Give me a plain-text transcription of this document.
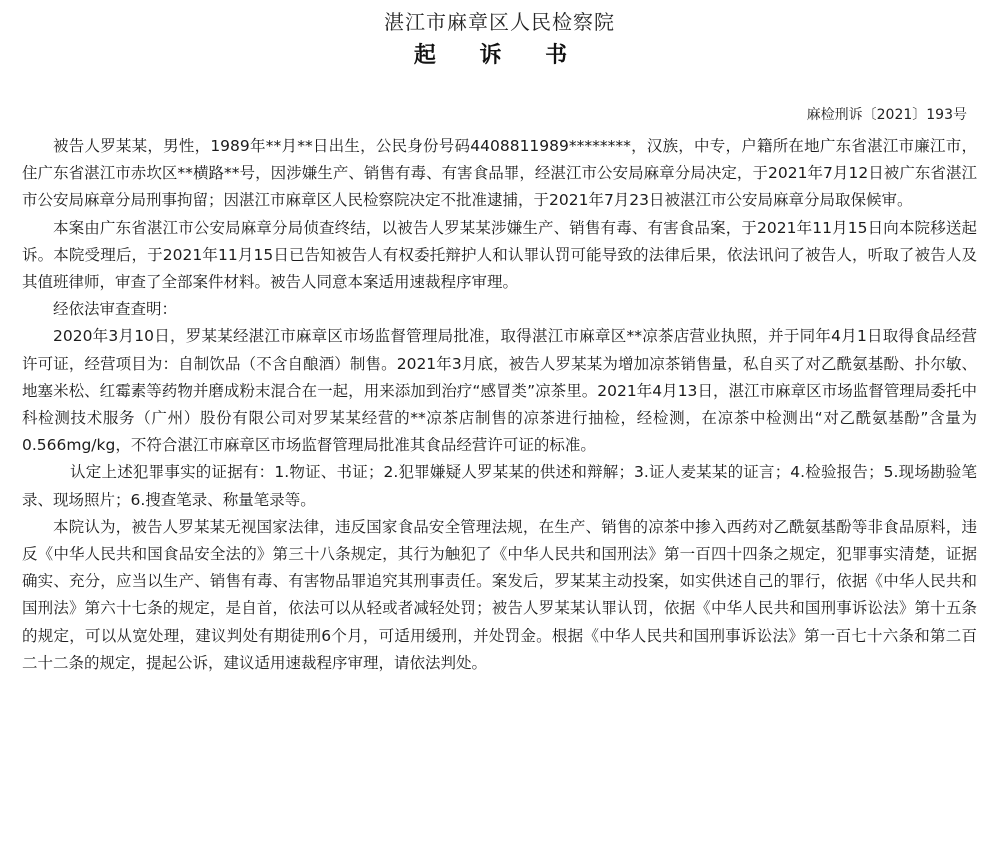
湛江市麻章区人民检察院
起 诉 书
麻检刑诉〔2021〕193号

被告人罗某某，男性，1989年**月**日出生，公民身份号码4408811989********，汉族，中专，户籍所在地广东省湛江市廉江市，住广东省湛江市赤坎区**横路**号，因涉嫌生产、销售有毒、有害食品罪，经湛江市公安局麻章分局决定，于2021年7月12日被广东省湛江市公安局麻章分局刑事拘留；因湛江市麻章区人民检察院决定不批准逮捕，于2021年7月23日被湛江市公安局麻章分局取保候审。

本案由广东省湛江市公安局麻章分局侦查终结，以被告人罗某某涉嫌生产、销售有毒、有害食品案，于2021年11月15日向本院移送起诉。本院受理后，于2021年11月15日已告知被告人有权委托辩护人和认罪认罚可能导致的法律后果，依法讯问了被告人，听取了被告人及其值班律师，审查了全部案件材料。被告人同意本案适用速裁程序审理。

经依法审查查明：

2020年3月10日，罗某某经湛江市麻章区市场监督管理局批准，取得湛江市麻章区**凉茶店营业执照，并于同年4月1日取得食品经营许可证，经营项目为：自制饮品（不含自酿酒）制售。2021年3月底，被告人罗某某为增加凉茶销售量，私自买了对乙酰氨基酚、扑尔敏、地塞米松、红霉素等药物并磨成粉末混合在一起，用来添加到治疗“感冒类”凉茶里。2021年4月13日，湛江市麻章区市场监督管理局委托中科检测技术服务（广州）股份有限公司对罗某某经营的**凉茶店制售的凉茶进行抽检，经检测，在凉茶中检测出“对乙酰氨基酚”含量为0.566mg/kg，不符合湛江市麻章区市场监督管理局批准其食品经营许可证的标准。

认定上述犯罪事实的证据有：1.物证、书证；2.犯罪嫌疑人罗某某的供述和辩解；3.证人麦某某的证言；4.检验报告；5.现场勘验笔录、现场照片；6.搜查笔录、称量笔录等。

本院认为，被告人罗某某无视国家法律，违反国家食品安全管理法规，在生产、销售的凉茶中掺入西药对乙酰氨基酚等非食品原料，违反《中华人民共和国食品安全法的》第三十八条规定，其行为触犯了《中华人民共和国刑法》第一百四十四条之规定，犯罪事实清楚，证据确实、充分，应当以生产、销售有毒、有害物品罪追究其刑事责任。案发后，罗某某主动投案，如实供述自己的罪行，依据《中华人民共和国刑法》第六十七条的规定，是自首，依法可以从轻或者减轻处罚；被告人罗某某认罪认罚，依据《中华人民共和国刑事诉讼法》第十五条的规定，可以从宽处理，建议判处有期徒刑6个月，可适用缓刑，并处罚金。根据《中华人民共和国刑事诉讼法》第一百七十六条和第二百二十二条的规定，提起公诉，建议适用速裁程序审理，请依法判处。
